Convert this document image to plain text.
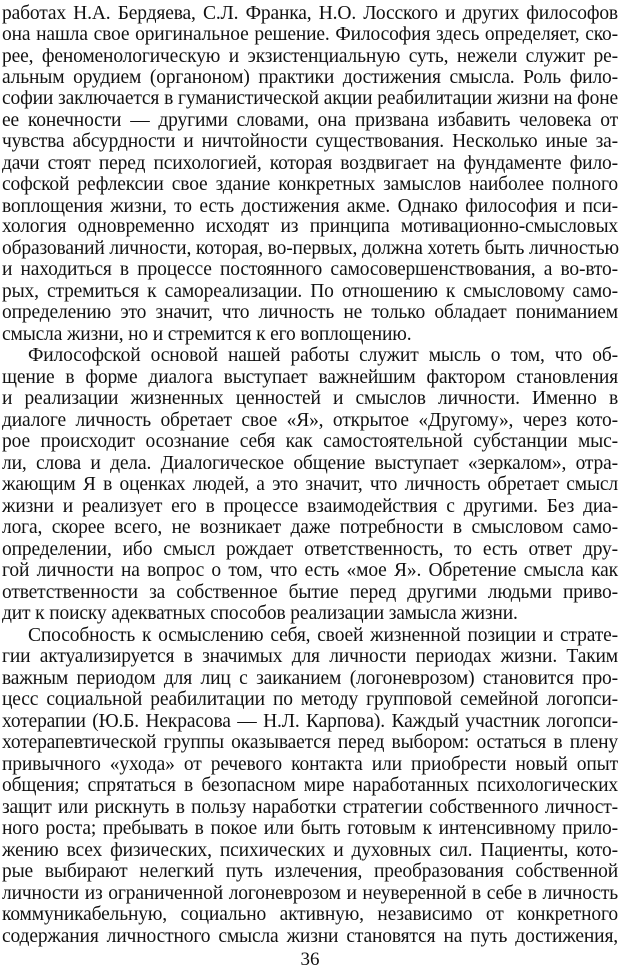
работах Н.А. Бердяева, С.Л. Франка, Н.О. Лосского и других философов
она нашла свое оригинальное решение. Философия здесь определяет, ско-
рее, феноменологическую и экзистенциальную суть, нежели служит ре-
альным орудием (органоном) практики достижения смысла. Роль фило-
софии заключается в гуманистической акции реабилитации жизни на фоне
ее конечности — другими словами, она призвана избавить человека от
чувства абсурдности и ничтойности существования. Несколько иные за-
дачи стоят перед психологией, которая воздвигает на фундаменте фило-
софской рефлексии свое здание конкретных замыслов наиболее полного
воплощения жизни, то есть достижения акме. Однако философия и пси-
хология одновременно исходят из принципа мотивационно-смысловых
образований личности, которая, во-первых, должна хотеть быть личностью
и находиться в процессе постоянного самосовершенствования, а во-вто-
рых, стремиться к самореализации. По отношению к смысловому само-
определению это значит, что личность не только обладает пониманием
смысла жизни, но и стремится к его воплощению.
Философской основой нашей работы служит мысль о том, что об-
щение в форме диалога выступает важнейшим фактором становления
и реализации жизненных ценностей и смыслов личности. Именно в
диалоге личность обретает свое «Я», открытое «Другому», через кото-
рое происходит осознание себя как самостоятельной субстанции мыс-
ли, слова и дела. Диалогическое общение выступает «зеркалом», отра-
жающим Я в оценках людей, а это значит, что личность обретает смысл
жизни и реализует его в процессе взаимодействия с другими. Без диа-
лога, скорее всего, не возникает даже потребности в смысловом само-
определении, ибо смысл рождает ответственность, то есть ответ дру-
гой личности на вопрос о том, что есть «мое Я». Обретение смысла как
ответственности за собственное бытие перед другими людьми приво-
дит к поиску адекватных способов реализации замысла жизни.
Способность к осмыслению себя, своей жизненной позиции и страте-
гии актуализируется в значимых для личности периодах жизни. Таким
важным периодом для лиц с заиканием (логоневрозом) становится про-
цесс социальной реабилитации по методу групповой семейной логопси-
хотерапии (Ю.Б. Некрасова — Н.Л. Карпова). Каждый участник логопси-
хотерапевтической группы оказывается перед выбором: остаться в плену
привычного «ухода» от речевого контакта или приобрести новый опыт
общения; спрятаться в безопасном мире наработанных психологических
защит или рискнуть в пользу наработки стратегии собственного личност-
ного роста; пребывать в покое или быть готовым к интенсивному прило-
жению всех физических, психических и духовных сил. Пациенты, кото-
рые выбирают нелегкий путь излечения, преобразования собственной
личности из ограниченной логоневрозом и неуверенной в себе в личность
коммуникабельную, социально активную, независимо от конкретного
содержания личностного смысла жизни становятся на путь достижения,
36
